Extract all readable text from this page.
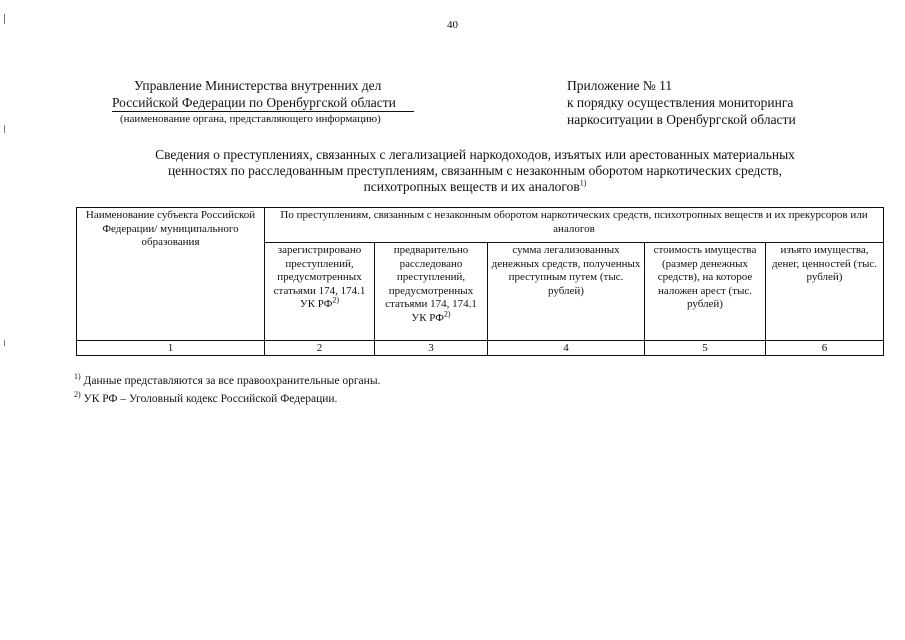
40
Управление Министерства внутренних дел
Российской Федерации по Оренбургской области
(наименование органа, представляющего информацию)
Приложение № 11
к порядку осуществления мониторинга
наркоситуации в Оренбургской области
Сведения о преступлениях, связанных с легализацией наркодоходов, изъятых или арестованных материальных
ценностях по расследованным преступлениям, связанным с незаконным оборотом наркотических средств,
психотропных веществ и их аналогов$^{1)}$
Наименование субъекта Российской Федерации/ муниципального образования	По преступлениям, связанным с незаконным оборотом наркотических средств, психотропных веществ и их прекурсоров или аналогов				
	зарегистрировано преступлений, предусмотренных статьями 174, 174.1 УК РФ$^{2)}$	предварительно расследовано преступлений, предусмотренных статьями 174, 174.1 УК РФ$^{2)}$	сумма легализованных денежных средств, полученных преступным путем (тыс. рублей)	стоимость имущества (размер денежных средств), на которое наложен арест (тыс. рублей)	изъято имущества, денег, ценностей (тыс. рублей)
1	2	3	4	5	6
$^{1)}$ Данные представляются за все правоохранительные органы.
$^{2)}$ УК РФ – Уголовный кодекс Российской Федерации.
